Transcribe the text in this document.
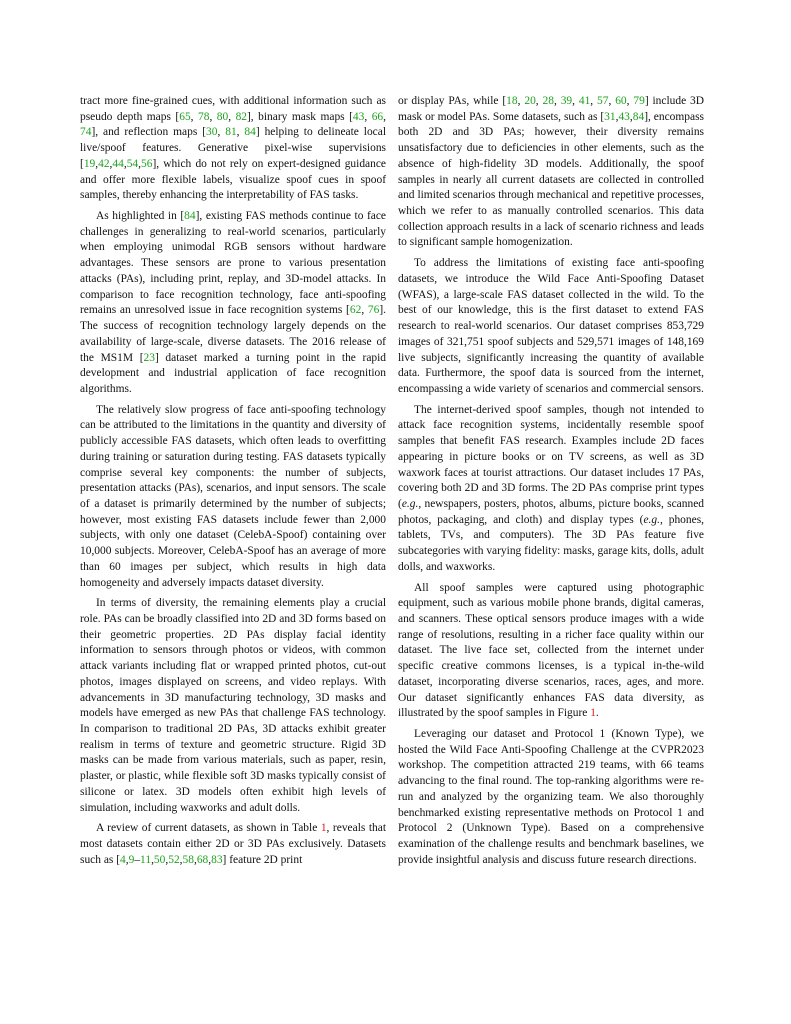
tract more fine-grained cues, with additional information such as pseudo depth maps [65, 78, 80, 82], binary mask maps [43, 66, 74], and reflection maps [30, 81, 84] helping to delineate local live/spoof features. Generative pixel-wise supervisions [19,42,44,54,56], which do not rely on expert-designed guidance and offer more flexible labels, visualize spoof cues in spoof samples, thereby enhancing the interpretability of FAS tasks.

As highlighted in [84], existing FAS methods continue to face challenges in generalizing to real-world scenarios, particularly when employing unimodal RGB sensors without hardware advantages. These sensors are prone to various presentation attacks (PAs), including print, replay, and 3D-model attacks. In comparison to face recognition technology, face anti-spoofing remains an unresolved issue in face recognition systems [62, 76]. The success of recognition technology largely depends on the availability of large-scale, diverse datasets. The 2016 release of the MS1M [23] dataset marked a turning point in the rapid development and industrial application of face recognition algorithms.

The relatively slow progress of face anti-spoofing technology can be attributed to the limitations in the quantity and diversity of publicly accessible FAS datasets, which often leads to overfitting during training or saturation during testing. FAS datasets typically comprise several key components: the number of subjects, presentation attacks (PAs), scenarios, and input sensors. The scale of a dataset is primarily determined by the number of subjects; however, most existing FAS datasets include fewer than 2,000 subjects, with only one dataset (CelebA-Spoof) containing over 10,000 subjects. Moreover, CelebA-Spoof has an average of more than 60 images per subject, which results in high data homogeneity and adversely impacts dataset diversity.

In terms of diversity, the remaining elements play a crucial role. PAs can be broadly classified into 2D and 3D forms based on their geometric properties. 2D PAs display facial identity information to sensors through photos or videos, with common attack variants including flat or wrapped printed photos, cut-out photos, images displayed on screens, and video replays. With advancements in 3D manufacturing technology, 3D masks and models have emerged as new PAs that challenge FAS technology. In comparison to traditional 2D PAs, 3D attacks exhibit greater realism in terms of texture and geometric structure. Rigid 3D masks can be made from various materials, such as paper, resin, plaster, or plastic, while flexible soft 3D masks typically consist of silicone or latex. 3D models often exhibit high levels of simulation, including waxworks and adult dolls.

A review of current datasets, as shown in Table 1, reveals that most datasets contain either 2D or 3D PAs exclusively. Datasets such as [4,9–11,50,52,58,68,83] feature 2D print

or display PAs, while [18, 20, 28, 39, 41, 57, 60, 79] include 3D mask or model PAs. Some datasets, such as [31,43,84], encompass both 2D and 3D PAs; however, their diversity remains unsatisfactory due to deficiencies in other elements, such as the absence of high-fidelity 3D models. Additionally, the spoof samples in nearly all current datasets are collected in controlled and limited scenarios through mechanical and repetitive processes, which we refer to as manually controlled scenarios. This data collection approach results in a lack of scenario richness and leads to significant sample homogenization.

To address the limitations of existing face anti-spoofing datasets, we introduce the Wild Face Anti-Spoofing Dataset (WFAS), a large-scale FAS dataset collected in the wild. To the best of our knowledge, this is the first dataset to extend FAS research to real-world scenarios. Our dataset comprises 853,729 images of 321,751 spoof subjects and 529,571 images of 148,169 live subjects, significantly increasing the quantity of available data. Furthermore, the spoof data is sourced from the internet, encompassing a wide variety of scenarios and commercial sensors.

The internet-derived spoof samples, though not intended to attack face recognition systems, incidentally resemble spoof samples that benefit FAS research. Examples include 2D faces appearing in picture books or on TV screens, as well as 3D waxwork faces at tourist attractions. Our dataset includes 17 PAs, covering both 2D and 3D forms. The 2D PAs comprise print types (e.g., newspapers, posters, photos, albums, picture books, scanned photos, packaging, and cloth) and display types (e.g., phones, tablets, TVs, and computers). The 3D PAs feature five subcategories with varying fidelity: masks, garage kits, dolls, adult dolls, and waxworks.

All spoof samples were captured using photographic equipment, such as various mobile phone brands, digital cameras, and scanners. These optical sensors produce images with a wide range of resolutions, resulting in a richer face quality within our dataset. The live face set, collected from the internet under specific creative commons licenses, is a typical in-the-wild dataset, incorporating diverse scenarios, races, ages, and more. Our dataset significantly enhances FAS data diversity, as illustrated by the spoof samples in Figure 1.

Leveraging our dataset and Protocol 1 (Known Type), we hosted the Wild Face Anti-Spoofing Challenge at the CVPR2023 workshop. The competition attracted 219 teams, with 66 teams advancing to the final round. The top-ranking algorithms were re-run and analyzed by the organizing team. We also thoroughly benchmarked existing representative methods on Protocol 1 and Protocol 2 (Unknown Type). Based on a comprehensive examination of the challenge results and benchmark baselines, we provide insightful analysis and discuss future research directions.
